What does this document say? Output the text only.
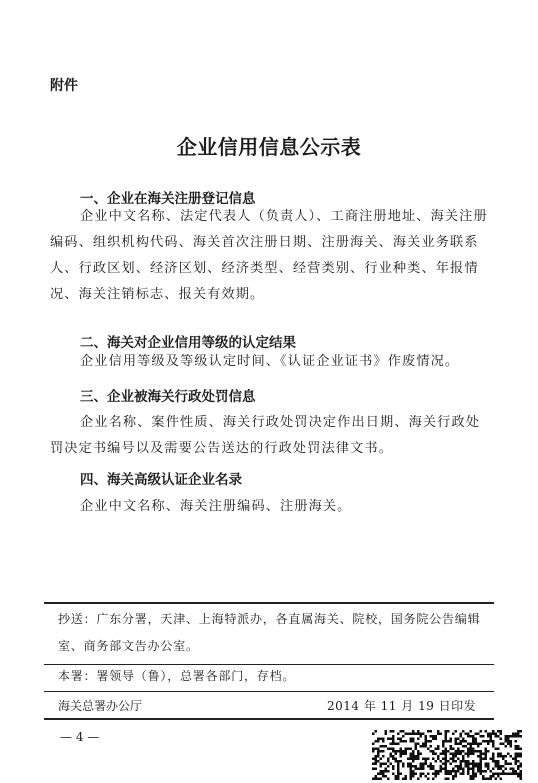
附件
企业信用信息公示表
一、企业在海关注册登记信息
企业中文名称、法定代表人（负责人）、工商注册地址、海关注册编码、组织机构代码、海关首次注册日期、注册海关、海关业务联系人、行政区划、经济区划、经济类型、经营类别、行业种类、年报情况、海关注销标志、报关有效期。
二、海关对企业信用等级的认定结果
企业信用等级及等级认定时间、《认证企业证书》作废情况。
三、企业被海关行政处罚信息
企业名称、案件性质、海关行政处罚决定作出日期、海关行政处罚决定书编号以及需要公告送达的行政处罚法律文书。
四、海关高级认证企业名录
企业中文名称、海关注册编码、注册海关。
抄送：广东分署，天津、上海特派办，各直属海关、院校，国务院公告编辑室、商务部文告办公室。
本署：署领导（鲁），总署各部门，存档。
海关总署办公厅	2014 年 11 月 19 日印发
— 4 —
